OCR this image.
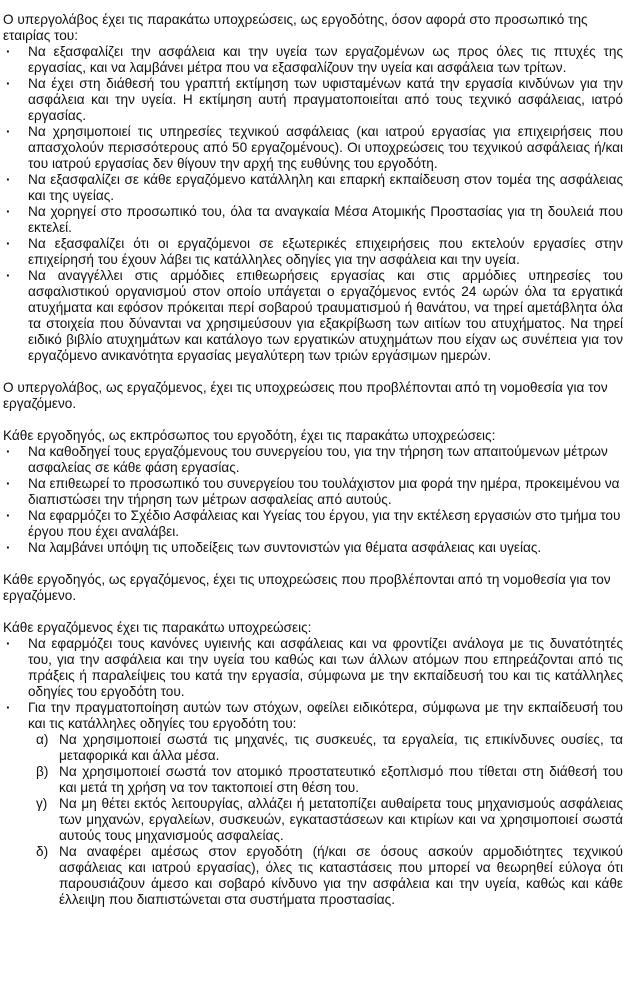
Ο υπεργολάβος έχει τις παρακάτω υποχρεώσεις, ως εργοδότης, όσον αφορά στο προσωπικό της εταιρίας του:

· Να εξασφαλίζει την ασφάλεια και την υγεία των εργαζομένων ως προς όλες τις πτυχές της εργασίας, και να λαμβάνει μέτρα που να εξασφαλίζουν την υγεία και ασφάλεια των τρίτων.
· Να έχει στη διάθεσή του γραπτή εκτίμηση των υφισταμένων κατά την εργασία κινδύνων για την ασφάλεια και την υγεία. Η εκτίμηση αυτή πραγματοποιείται από τους τεχνικό ασφάλειας, ιατρό εργασίας.
· Να χρησιμοποιεί τις υπηρεσίες τεχνικού ασφάλειας (και ιατρού εργασίας για επιχειρήσεις που απασχολούν περισσότερους από 50 εργαζομένους). Οι υποχρεώσεις του τεχνικού ασφάλειας ή/και του ιατρού εργασίας δεν θίγουν την αρχή της ευθύνης του εργοδότη.
· Να εξασφαλίζει σε κάθε εργαζόμενο κατάλληλη και επαρκή εκπαίδευση στον τομέα της ασφάλειας και της υγείας.
· Να χορηγεί στο προσωπικό του, όλα τα αναγκαία Μέσα Ατομικής Προστασίας για τη δουλειά που εκτελεί.
· Να εξασφαλίζει ότι οι εργαζόμενοι σε εξωτερικές επιχειρήσεις που εκτελούν εργασίες στην επιχείρησή του έχουν λάβει τις κατάλληλες οδηγίες για την ασφάλεια και την υγεία.
· Να αναγγέλλει στις αρμόδιες επιθεωρήσεις εργασίας και στις αρμόδιες υπηρεσίες του ασφαλιστικού οργανισμού στον οποίο υπάγεται ο εργαζόμενος εντός 24 ωρών όλα τα εργατικά ατυχήματα και εφόσον πρόκειται περί σοβαρού τραυματισμού ή θανάτου, να τηρεί αμετάβλητα όλα τα στοιχεία που δύνανται να χρησιμεύσουν για εξακρίβωση των αιτίων του ατυχήματος. Να τηρεί ειδικό βιβλίο ατυχημάτων και κατάλογο των εργατικών ατυχημάτων που είχαν ως συνέπεια για τον εργαζόμενο ανικανότητα εργασίας μεγαλύτερη των τριών εργάσιμων ημερών.

Ο υπεργολάβος, ως εργαζόμενος, έχει τις υποχρεώσεις που προβλέπονται από τη νομοθεσία για τον εργαζόμενο.

Κάθε εργοδηγός, ως εκπρόσωπος του εργοδότη, έχει τις παρακάτω υποχρεώσεις:

· Να καθοδηγεί τους εργαζόμενους του συνεργείου του, για την τήρηση των απαιτούμενων μέτρων ασφαλείας σε κάθε φάση εργασίας.
· Να επιθεωρεί το προσωπικό του συνεργείου του τουλάχιστον μια φορά την ημέρα, προκειμένου να διαπιστώσει την τήρηση των μέτρων ασφαλείας από αυτούς.
· Να εφαρμόζει το Σχέδιο Ασφάλειας και Υγείας του έργου, για την εκτέλεση εργασιών στο τμήμα του έργου που έχει αναλάβει.
· Να λαμβάνει υπόψη τις υποδείξεις των συντονιστών για θέματα ασφάλειας και υγείας.

Κάθε εργοδηγός, ως εργαζόμενος, έχει τις υποχρεώσεις που προβλέπονται από τη νομοθεσία για τον εργαζόμενο.

Κάθε εργαζόμενος έχει τις παρακάτω υποχρεώσεις:

· Να εφαρμόζει τους κανόνες υγιεινής και ασφάλειας και να φροντίζει ανάλογα με τις δυνατότητές του, για την ασφάλεια και την υγεία του καθώς και των άλλων ατόμων που επηρεάζονται από τις πράξεις ή παραλείψεις του κατά την εργασία, σύμφωνα με την εκπαίδευσή του και τις κατάλληλες οδηγίες του εργοδότη του.
· Για την πραγματοποίηση αυτών των στόχων, οφείλει ειδικότερα, σύμφωνα με την εκπαίδευσή του και τις κατάλληλες οδηγίες του εργοδότη του:
α) Να χρησιμοποιεί σωστά τις μηχανές, τις συσκευές, τα εργαλεία, τις επικίνδυνες ουσίες, τα μεταφορικά και άλλα μέσα.
β) Να χρησιμοποιεί σωστά τον ατομικό προστατευτικό εξοπλισμό που τίθεται στη διάθεσή του και μετά τη χρήση να τον τακτοποιεί στη θέση του.
γ) Να μη θέτει εκτός λειτουργίας, αλλάζει ή μετατοπίζει αυθαίρετα τους μηχανισμούς ασφάλειας των μηχανών, εργαλείων, συσκευών, εγκαταστάσεων και κτιρίων και να χρησιμοποιεί σωστά αυτούς τους μηχανισμούς ασφαλείας.
δ) Να αναφέρει αμέσως στον εργοδότη (ή/και σε όσους ασκούν αρμοδιότητες τεχνικού ασφάλειας και ιατρού εργασίας), όλες τις καταστάσεις που μπορεί να θεωρηθεί εύλογα ότι παρουσιάζουν άμεσο και σοβαρό κίνδυνο για την ασφάλεια και την υγεία, καθώς και κάθε έλλειψη που διαπιστώνεται στα συστήματα προστασίας.
